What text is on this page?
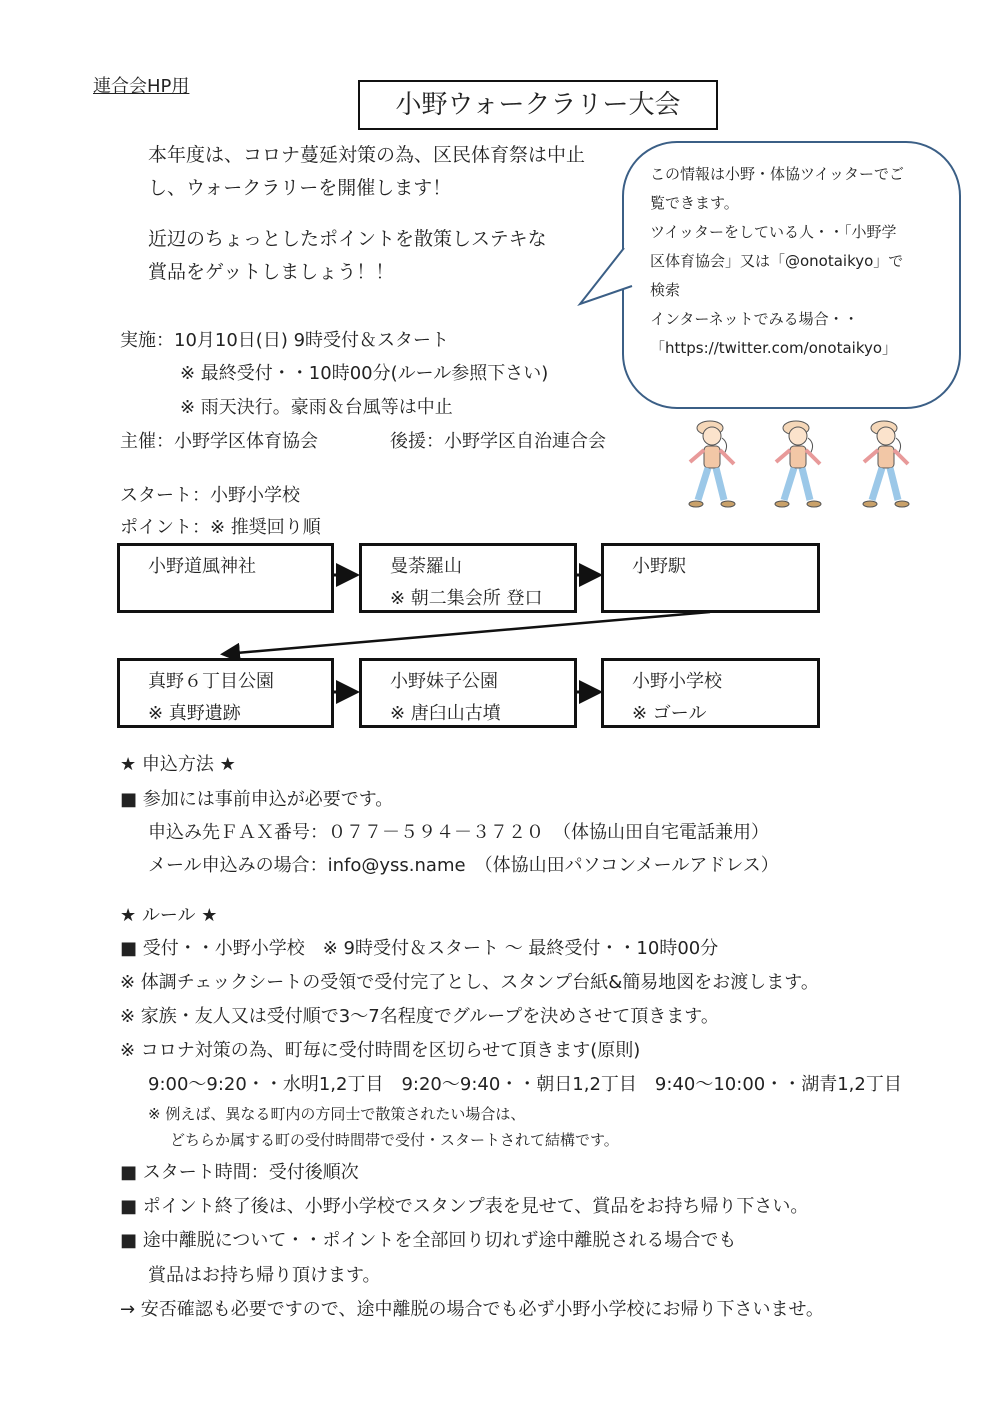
連合会HP用
小野ウォークラリー大会
本年度は、コロナ蔓延対策の為、区民体育祭は中止
し、ウォークラリーを開催します！
近辺のちょっとしたポイントを散策しステキな
賞品をゲットしましょう！！
この情報は小野・体協ツイッターでご
覧できます。
ツイッターをしている人・・「小野学
区体育協会」又は「@onotaikyo」で
検索
インターネットでみる場合・・
「https://twitter.com/onotaikyo」
実施：10月10日(日) 9時受付＆スタート
※ 最終受付・・10時00分(ルール参照下さい)
※ 雨天決行。豪雨＆台風等は中止
主催：小野学区体育協会	後援：小野学区自治連合会
スタート：小野小学校
ポイント：※ 推奨回り順
小野道風神社	曼荼羅山
※ 朝二集会所 登口
小野駅
真野６丁目公園
※ 真野遺跡
小野妹子公園
※ 唐臼山古墳
小野小学校
※ ゴール
★ 申込方法 ★
■ 参加には事前申込が必要です。
申込み先ＦＡＸ番号：０７７－５９４－３７２０　（体協山田自宅電話兼用）
メール申込みの場合：info@yss.name　（体協山田パソコンメールアドレス）
★ ルール ★
■ 受付・・小野小学校　※ 9時受付＆スタート 〜 最終受付・・10時00分
※ 体調チェックシートの受領で受付完了とし、スタンプ台紙&簡易地図をお渡します。
※ 家族・友人又は受付順で3〜7名程度でグループを決めさせて頂きます。
※ コロナ対策の為、町毎に受付時間を区切らせて頂きます(原則)
9:00〜9:20・・水明1,2丁目　9:20〜9:40・・朝日1,2丁目　9:40〜10:00・・湖青1,2丁目
※ 例えば、異なる町内の方同士で散策されたい場合は、
どちらか属する町の受付時間帯で受付・スタートされて結構です。
■ スタート時間：受付後順次
■ ポイント終了後は、小野小学校でスタンプ表を見せて、賞品をお持ち帰り下さい。
■ 途中離脱について・・ポイントを全部回り切れず途中離脱される場合でも
賞品はお持ち帰り頂けます。
→ 安否確認も必要ですので、途中離脱の場合でも必ず小野小学校にお帰り下さいませ。
